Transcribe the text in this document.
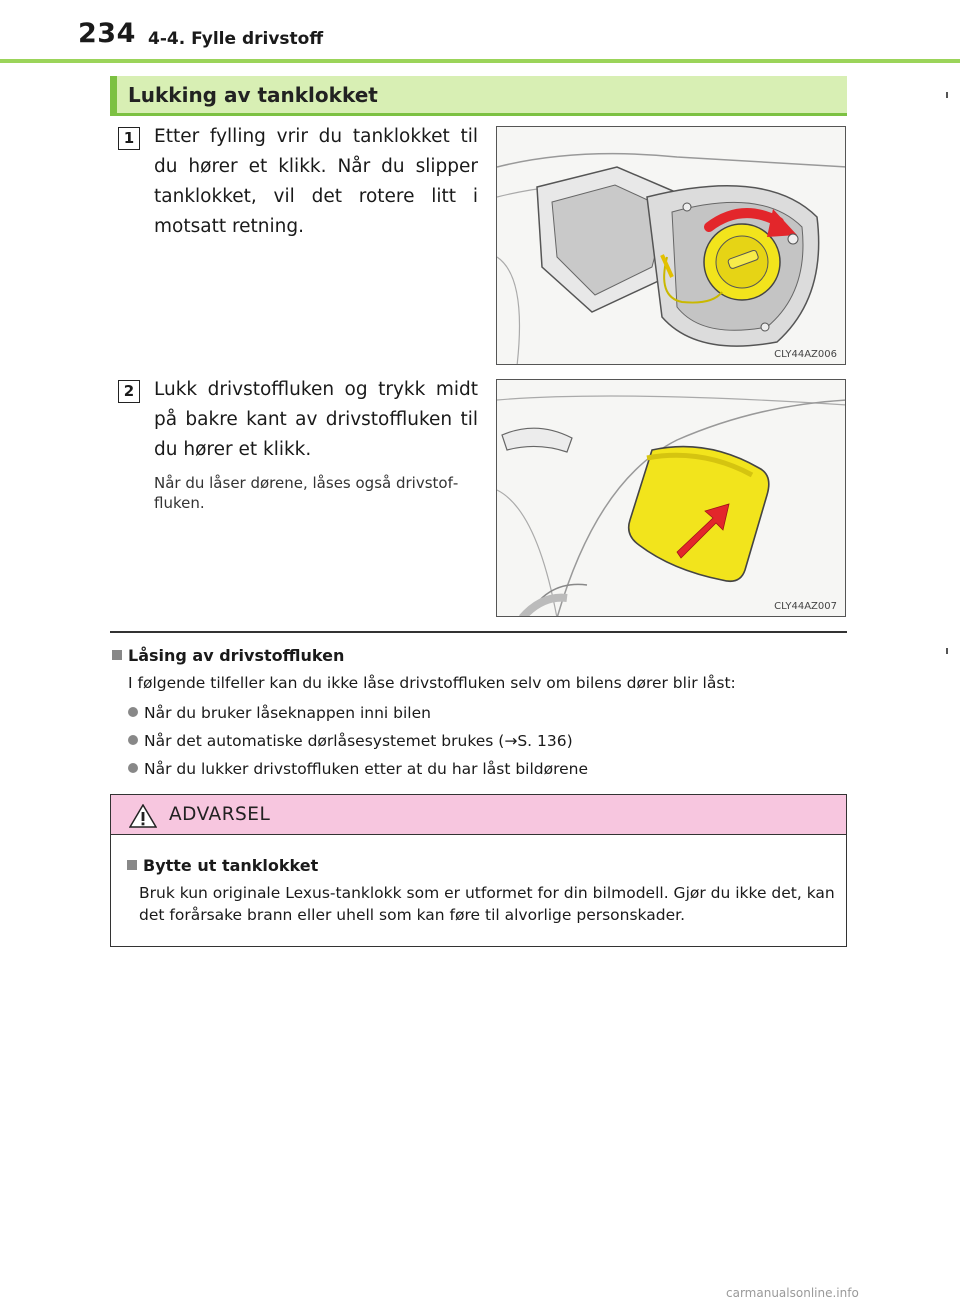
234 4-4. Fylle drivstoff
Lukking av tanklokket
1	Etter fylling vrir du tanklokket til du hører et klikk. Når du slipper tanklokket, vil det rotere litt i motsatt retning.
CLY44AZ006
2	Lukk drivstoffluken og trykk midt på bakre kant av drivstoffluken til du hører et klikk.
Når du låser dørene, låses også drivstoffluken.
CLY44AZ007
Låsing av drivstoffluken
I følgende tilfeller kan du ikke låse drivstoffluken selv om bilens dører blir låst:
Når du bruker låseknappen inni bilen
Når det automatiske dørlåsesystemet brukes (→S. 136)
Når du lukker drivstoffluken etter at du har låst bildørene
ADVARSEL
Bytte ut tanklokket
Bruk kun originale Lexus-tanklokk som er utformet for din bilmodell. Gjør du ikke det, kan det forårsake brann eller uhell som kan føre til alvorlige personskader.
carmanualsonline.info
